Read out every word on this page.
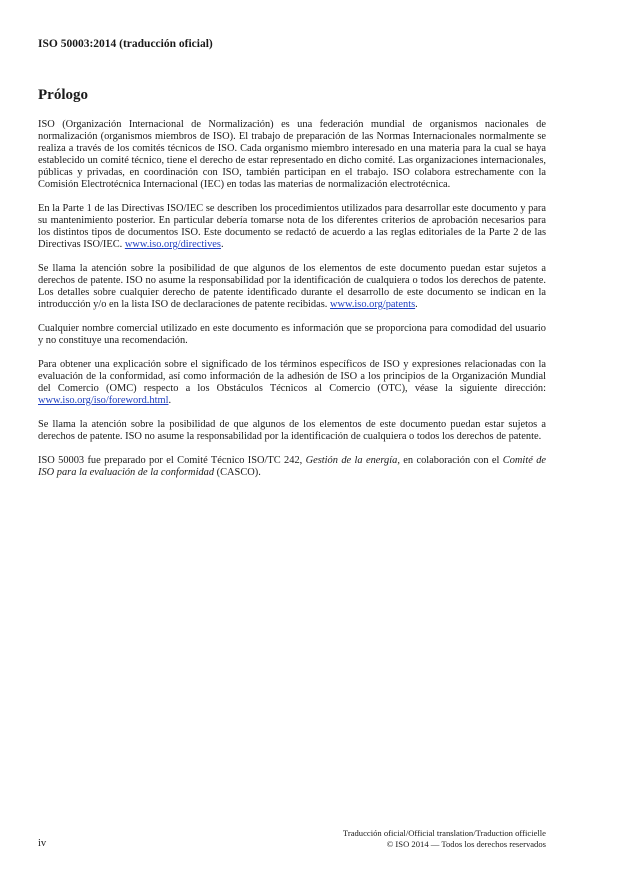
ISO 50003:2014 (traducción oficial)
Prólogo

ISO (Organización Internacional de Normalización) es una federación mundial de organismos nacionales de normalización (organismos miembros de ISO). El trabajo de preparación de las Normas Internacionales normalmente se realiza a través de los comités técnicos de ISO. Cada organismo miembro interesado en una materia para la cual se haya establecido un comité técnico, tiene el derecho de estar representado en dicho comité. Las organizaciones internacionales, públicas y privadas, en coordinación con ISO, también participan en el trabajo. ISO colabora estrechamente con la Comisión Electrotécnica Internacional (IEC) en todas las materias de normalización electrotécnica.

En la Parte 1 de las Directivas ISO/IEC se describen los procedimientos utilizados para desarrollar este documento y para su mantenimiento posterior. En particular debería tomarse nota de los diferentes criterios de aprobación necesarios para los distintos tipos de documentos ISO. Este documento se redactó de acuerdo a las reglas editoriales de la Parte 2 de las Directivas ISO/IEC. www.iso.org/directives.

Se llama la atención sobre la posibilidad de que algunos de los elementos de este documento puedan estar sujetos a derechos de patente. ISO no asume la responsabilidad por la identificación de cualquiera o todos los derechos de patente. Los detalles sobre cualquier derecho de patente identificado durante el desarrollo de este documento se indican en la introducción y/o en la lista ISO de declaraciones de patente recibidas. www.iso.org/patents.

Cualquier nombre comercial utilizado en este documento es información que se proporciona para comodidad del usuario y no constituye una recomendación.

Para obtener una explicación sobre el significado de los términos específicos de ISO y expresiones relacionadas con la evaluación de la conformidad, así como información de la adhesión de ISO a los principios de la Organización Mundial del Comercio (OMC) respecto a los Obstáculos Técnicos al Comercio (OTC), véase la siguiente dirección: www.iso.org/iso/foreword.html.

Se llama la atención sobre la posibilidad de que algunos de los elementos de este documento puedan estar sujetos a derechos de patente. ISO no asume la responsabilidad por la identificación de cualquiera o todos los derechos de patente.

ISO 50003 fue preparado por el Comité Técnico ISO/TC 242, Gestión de la energía, en colaboración con el Comité de ISO para la evaluación de la conformidad (CASCO).

Traducción oficial/Official translation/Traduction officielle
© ISO 2014 — Todos los derechos reservados
iv
